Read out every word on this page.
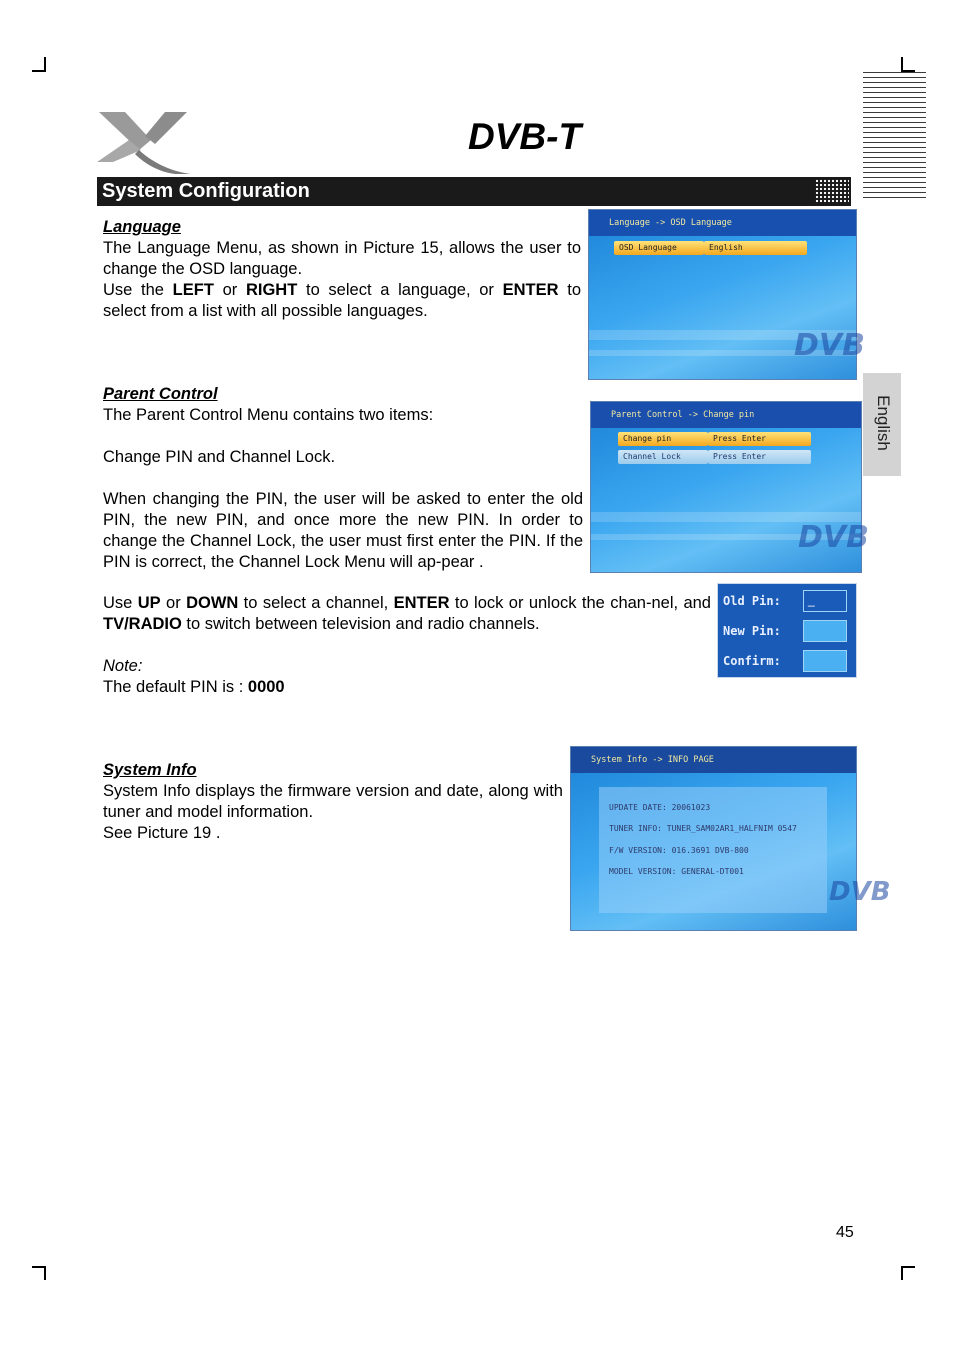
DVB-T
System Configuration
English
Language
The Language Menu, as shown in Picture 15, allows the user to change the OSD language.
Use the LEFT or RIGHT to select a language, or ENTER to select from a list with all possible languages.
Language -> OSD Language
OSD Language	English
DVB
Parent Control
The Parent Control Menu contains two items:
Change PIN and Channel Lock.
When changing the PIN, the user will be asked to enter the old PIN, the new PIN, and once more the new PIN. In order to change the Channel Lock, the user must first enter the PIN. If the PIN is correct, the Channel Lock Menu will ap-pear .
Use UP or DOWN to select a channel, ENTER to lock or unlock the chan-nel, and TV/RADIO to switch between television and radio channels.
Note:
The default PIN is : 0000
Parent Control -> Change pin
Change pin	Press Enter
Channel Lock	Press Enter
DVB
Old Pin:	_
New Pin:
Confirm:
System Info
System Info displays the firmware version and date, along with tuner and model information.
See Picture 19 .
System Info -> INFO PAGE
UPDATE DATE: 20061023
TUNER INFO: TUNER_SAM02AR1_HALFNIM 0547
F/W VERSION: 016.3691 DVB-800
MODEL VERSION: GENERAL-DT001
DVB
45
